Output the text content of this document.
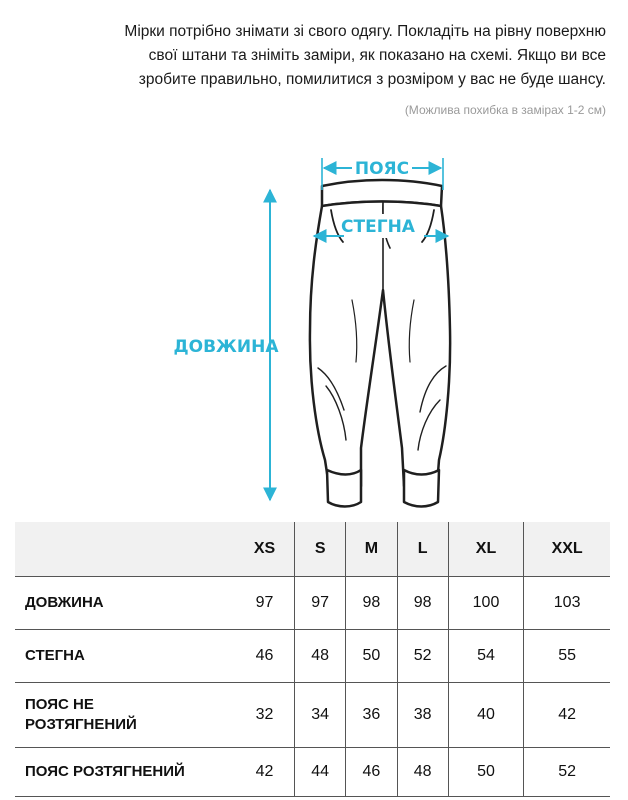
Мірки потрібно знімати зі свого одягу. Покладіть на рівну поверхню

свої штани та зніміть заміри, як показано на схемі. Якщо ви все

зробите правильно, помилитися з розміром у вас не буде шансу.

(Можлива похибка в замірах 1-2 см)
ПОЯС
СТЕГНА
ДОВЖИНА
	XS	S	M	L	XL	XXL
ДОВЖИНА	97	97	98	98	100	103
СТЕГНА	46	48	50	52	54	55
ПОЯС НЕ
РОЗТЯГНЕНИЙ	32	34	36	38	40	42
ПОЯС РОЗТЯГНЕНИЙ	42	44	46	48	50	52
